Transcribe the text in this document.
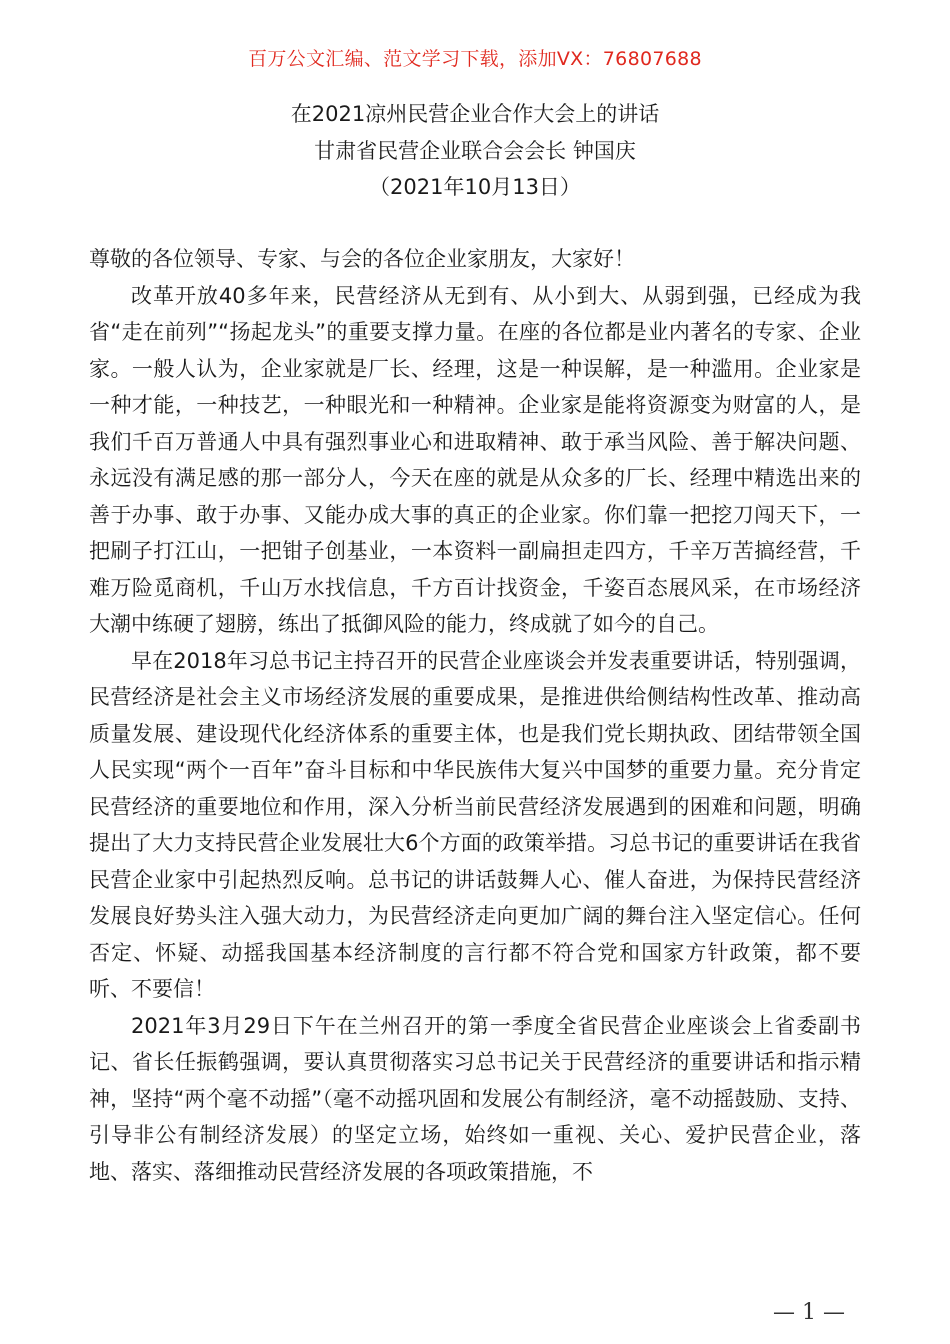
百万公文汇编、范文学习下载，添加VX：76807688
在2021凉州民营企业合作大会上的讲话
甘肃省民营企业联合会会长 钟国庆
（2021年10月13日）

尊敬的各位领导、专家、与会的各位企业家朋友，大家好！

改革开放40多年来，民营经济从无到有、从小到大、从弱到强，已经成为我省“走在前列”“扬起龙头”的重要支撑力量。在座的各位都是业内著名的专家、企业家。一般人认为，企业家就是厂长、经理，这是一种误解，是一种滥用。企业家是一种才能，一种技艺，一种眼光和一种精神。企业家是能将资源变为财富的人，是我们千百万普通人中具有强烈事业心和进取精神、敢于承当风险、善于解决问题、永远没有满足感的那一部分人，今天在座的就是从众多的厂长、经理中精选出来的善于办事、敢于办事、又能办成大事的真正的企业家。你们靠一把挖刀闯天下，一把刷子打江山，一把钳子创基业，一本资料一副扁担走四方，千辛万苦搞经营，千难万险觅商机，千山万水找信息，千方百计找资金，千姿百态展风采，在市场经济大潮中练硬了翅膀，练出了抵御风险的能力，终成就了如今的自己。

早在2018年习总书记主持召开的民营企业座谈会并发表重要讲话，特别强调，民营经济是社会主义市场经济发展的重要成果，是推进供给侧结构性改革、推动高质量发展、建设现代化经济体系的重要主体，也是我们党长期执政、团结带领全国人民实现“两个一百年”奋斗目标和中华民族伟大复兴中国梦的重要力量。充分肯定民营经济的重要地位和作用，深入分析当前民营经济发展遇到的困难和问题，明确提出了大力支持民营企业发展壮大6个方面的政策举措。习总书记的重要讲话在我省民营企业家中引起热烈反响。总书记的讲话鼓舞人心、催人奋进，为保持民营经济发展良好势头注入强大动力，为民营经济走向更加广阔的舞台注入坚定信心。任何否定、怀疑、动摇我国基本经济制度的言行都不符合党和国家方针政策，都不要听、不要信！

2021年3月29日下午在兰州召开的第一季度全省民营企业座谈会上省委副书记、省长任振鹤强调，要认真贯彻落实习总书记关于民营经济的重要讲话和指示精神，坚持“两个毫不动摇”（毫不动摇巩固和发展公有制经济，毫不动摇鼓励、支持、引导非公有制经济发展）的坚定立场，始终如一重视、关心、爱护民营企业，落地、落实、落细推动民营经济发展的各项政策措施，不

— 1 —
